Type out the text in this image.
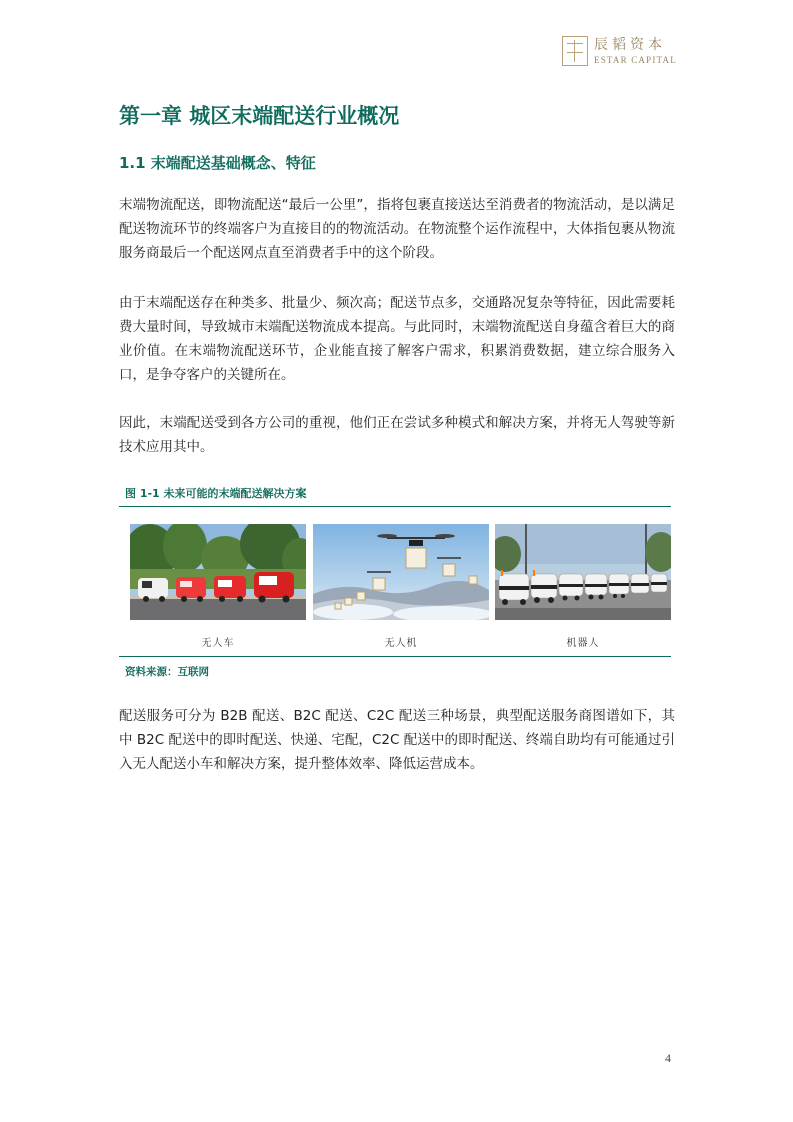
辰韬资本
ESTAR CAPITAL
第一章 城区末端配送行业概况
1.1 末端配送基础概念、特征

末端物流配送，即物流配送“最后一公里”，指将包裹直接送达至消费者的物流活动，是以满足配送物流环节的终端客户为直接目的的物流活动。在物流整个运作流程中，大体指包裹从物流服务商最后一个配送网点直至消费者手中的这个阶段。

由于末端配送存在种类多、批量少、频次高；配送节点多，交通路况复杂等特征，因此需要耗费大量时间，导致城市末端配送物流成本提高。与此同时，末端物流配送自身蕴含着巨大的商业价值。在末端物流配送环节，企业能直接了解客户需求，积累消费数据，建立综合服务入口，是争夺客户的关键所在。

因此，末端配送受到各方公司的重视，他们正在尝试多种模式和解决方案，并将无人驾驶等新技术应用其中。

图 1-1 未来可能的末端配送解决方案
无人车	无人机	机器人
资料来源：互联网

配送服务可分为 B2B 配送、B2C 配送、C2C 配送三种场景，典型配送服务商图谱如下，其中 B2C 配送中的即时配送、快递、宅配，C2C 配送中的即时配送、终端自助均有可能通过引入无人配送小车和解决方案，提升整体效率、降低运营成本。

4
